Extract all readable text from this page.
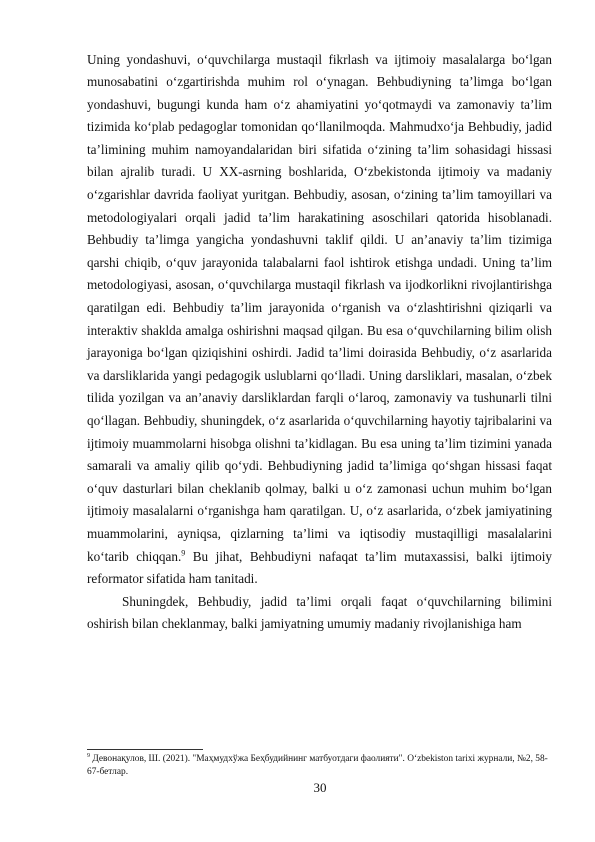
Uning yondashuvi, o‘quvchilarga mustaqil fikrlash va ijtimoiy masalalarga bo‘lgan munosabatini o‘zgartirishda muhim rol o‘ynagan. Behbudiyning ta’limga bo‘lgan yondashuvi, bugungi kunda ham o‘z ahamiyatini yo‘qotmaydi va zamonaviy ta’lim tizimida ko‘plab pedagoglar tomonidan qo‘llanilmoqda. Mahmudxo‘ja Behbudiy, jadid ta’limining muhim namoyandalaridan biri sifatida o‘zining ta’lim sohasidagi hissasi bilan ajralib turadi. U XX-asrning boshlarida, O‘zbekistonda ijtimoiy va madaniy o‘zgarishlar davrida faoliyat yuritgan. Behbudiy, asosan, o‘zining ta’lim tamoyillari va metodologiyalari orqali jadid ta’lim harakatining asoschilari qatorida hisoblanadi. Behbudiy ta’limga yangicha yondashuvni taklif qildi. U an’anaviy ta’lim tizimiga qarshi chiqib, o‘quv jarayonida talabalarni faol ishtirok etishga undadi. Uning ta’lim metodologiyasi, asosan, o‘quvchilarga mustaqil fikrlash va ijodkorlikni rivojlantirishga qaratilgan edi. Behbudiy ta’lim jarayonida o‘rganish va o‘zlashtirishni qiziqarli va interaktiv shaklda amalga oshirishni maqsad qilgan. Bu esa o‘quvchilarning bilim olish jarayoniga bo‘lgan qiziqishini oshirdi. Jadid ta’limi doirasida Behbudiy, o‘z asarlarida va darsliklarida yangi pedagogik uslublarni qo‘lladi. Uning darsliklari, masalan, o‘zbek tilida yozilgan va an’anaviy darsliklardan farqli o‘laroq, zamonaviy va tushunarli tilni qo‘llagan. Behbudiy, shuningdek, o‘z asarlarida o‘quvchilarning hayotiy tajribalarini va ijtimoiy muammolarni hisobga olishni ta’kidlagan. Bu esa uning ta’lim tizimini yanada samarali va amaliy qilib qo‘ydi. Behbudiyning jadid ta’limiga qo‘shgan hissasi faqat o‘quv dasturlari bilan cheklanib qolmay, balki u o‘z zamonasi uchun muhim bo‘lgan ijtimoiy masalalarni o‘rganishga ham qaratilgan. U, o‘z asarlarida, o‘zbek jamiyatining muammolarini, ayniqsa, qizlarning ta’limi va iqtisodiy mustaqilligi masalalarini ko‘tarib chiqqan.$^9$ Bu jihat, Behbudiyni nafaqat ta’lim mutaxassisi, balki ijtimoiy reformator sifatida ham tanitadi.

Shuningdek, Behbudiy, jadid ta’limi orqali faqat o‘quvchilarning bilimini oshirish bilan cheklanmay, balki jamiyatning umumiy madaniy rivojlanishiga ham

$^9$ Девонақулов, Ш. (2021). "Маҳмудхўжа Беҳбудийнинг матбуотдаги фаолияти". O‘zbekiston tarixi журнали, №2, 58-67-бетлар.
30
